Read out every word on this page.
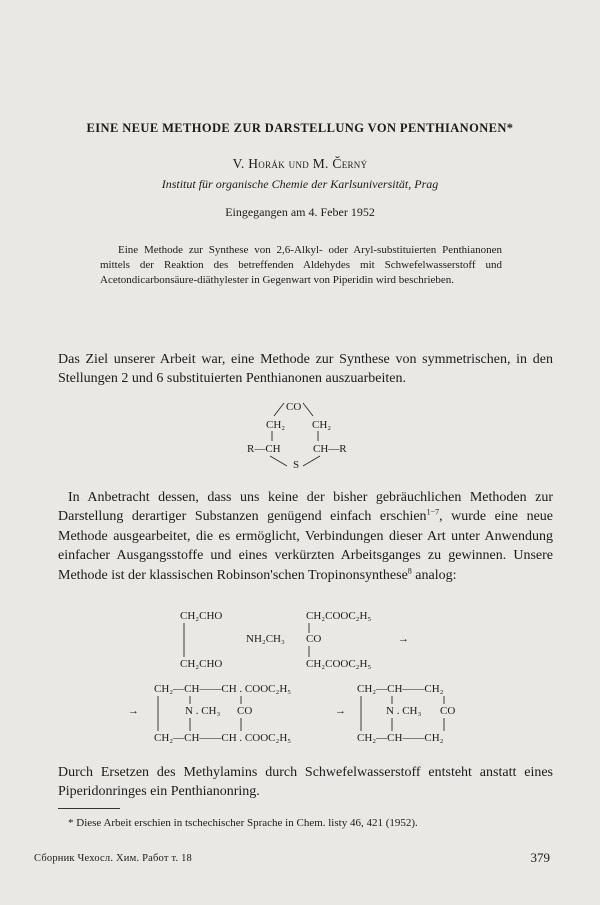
EINE NEUE METHODE ZUR DARSTELLUNG VON PENTHIANONEN*
V. Horák und M. Černý
Institut für organische Chemie der Karlsuniversität, Prag
Eingegangen am 4. Feber 1952
Eine Methode zur Synthese von 2,6-Alkyl- oder Aryl-substituierten Penthianonen mittels der Reaktion des betreffenden Aldehydes mit Schwefelwasserstoff und Acetondicarbonsäure-diäthylester in Gegenwart von Piperidin wird beschrieben.
Das Ziel unserer Arbeit war, eine Methode zur Synthese von symmetrischen, in den Stellungen 2 und 6 substituierten Penthianonen auszuarbeiten.
CO
CH₂ CH₂
R—CH	CH—R
S
CH₂CHO
CH₂CHO
NH₂CH₃
CH₂COOC₂H₅
CO
CH₂COOC₂H₅
→
→
CH₂—CH——CH . COOC₂H₅
N . CH₃ CO
CH₂—CH——CH . COOC₂H₅
→
CH₂—CH——CH₂
N . CH₃ CO
CH₂—CH——CH₂
In Anbetracht dessen, dass uns keine der bisher gebräuchlichen Methoden zur Darstellung derartiger Substanzen genügend einfach erschien$^{1-7}$, wurde eine neue Methode ausgearbeitet, die es ermöglicht, Verbindungen dieser Art unter Anwendung einfacher Ausgangsstoffe und eines verkürzten Arbeitsganges zu gewinnen. Unsere Methode ist der klassischen Robinson'schen Tropinonsynthese$^8$ analog:
Durch Ersetzen des Methylamins durch Schwefelwasserstoff entsteht anstatt eines Piperidonringes ein Penthianonring.
* Diese Arbeit erschien in tschechischer Sprache in Chem. listy 46, 421 (1952).
Сборник Чехосл. Хим. Работ т. 18	379
